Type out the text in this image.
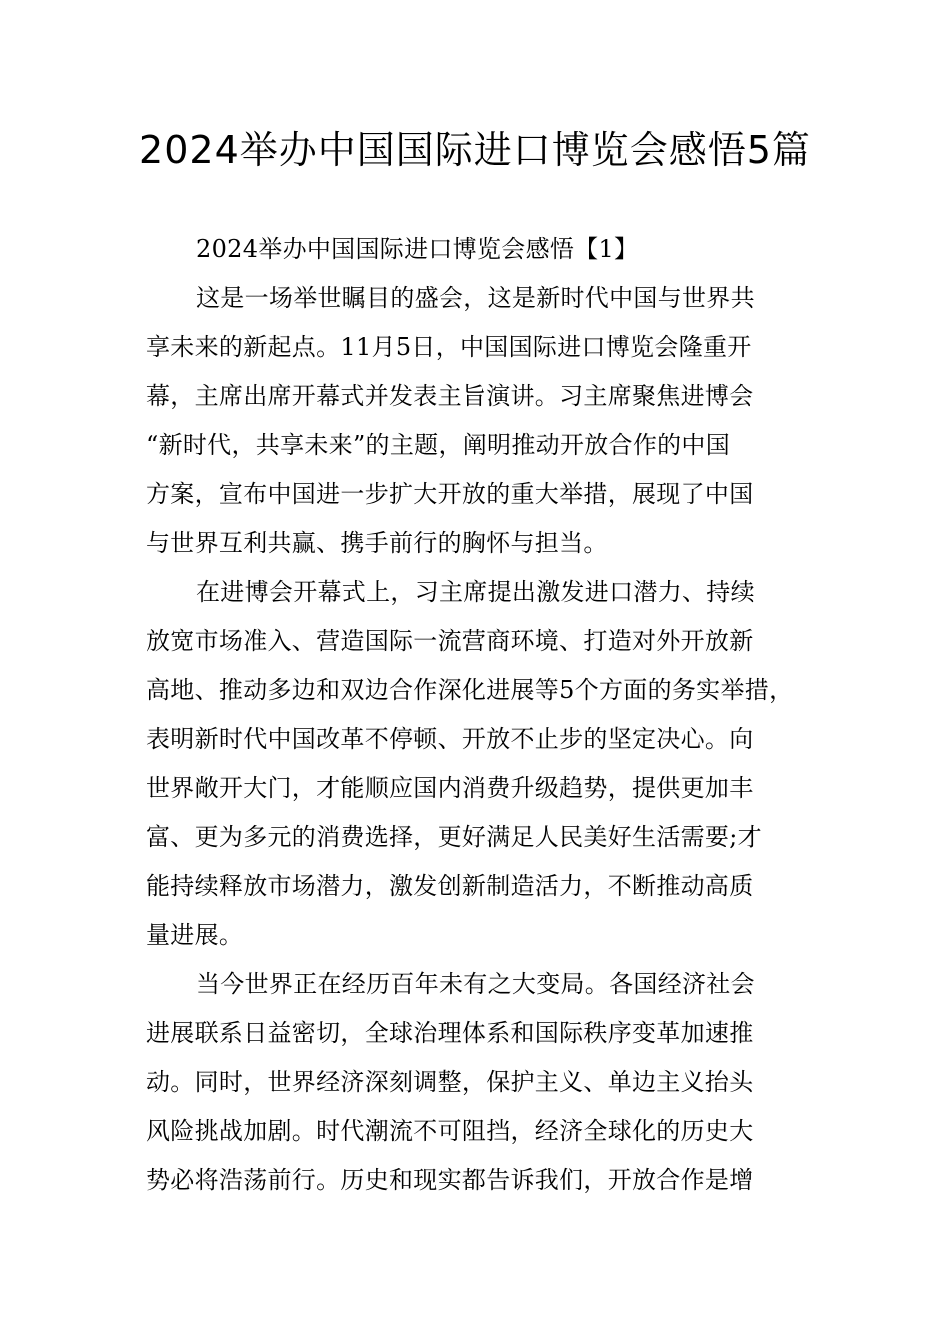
2024举办中国国际进口博览会感悟5篇
2024举办中国国际进口博览会感悟【1】
这是一场举世瞩目的盛会，这是新时代中国与世界共
享未来的新起点。11月5日，中国国际进口博览会隆重开
幕，主席出席开幕式并发表主旨演讲。习主席聚焦进博会
“新时代，共享未来”的主题，阐明推动开放合作的中国
方案，宣布中国进一步扩大开放的重大举措，展现了中国
与世界互利共赢、携手前行的胸怀与担当。
在进博会开幕式上，习主席提出激发进口潜力、持续
放宽市场准入、营造国际一流营商环境、打造对外开放新
高地、推动多边和双边合作深化进展等5个方面的务实举措，
表明新时代中国改革不停顿、开放不止步的坚定决心。向
世界敞开大门，才能顺应国内消费升级趋势，提供更加丰
富、更为多元的消费选择，更好满足人民美好生活需要;才
能持续释放市场潜力，激发创新制造活力，不断推动高质
量进展。
当今世界正在经历百年未有之大变局。各国经济社会
进展联系日益密切，全球治理体系和国际秩序变革加速推
动。同时，世界经济深刻调整，保护主义、单边主义抬头
风险挑战加剧。时代潮流不可阻挡，经济全球化的历史大
势必将浩荡前行。历史和现实都告诉我们，开放合作是增
